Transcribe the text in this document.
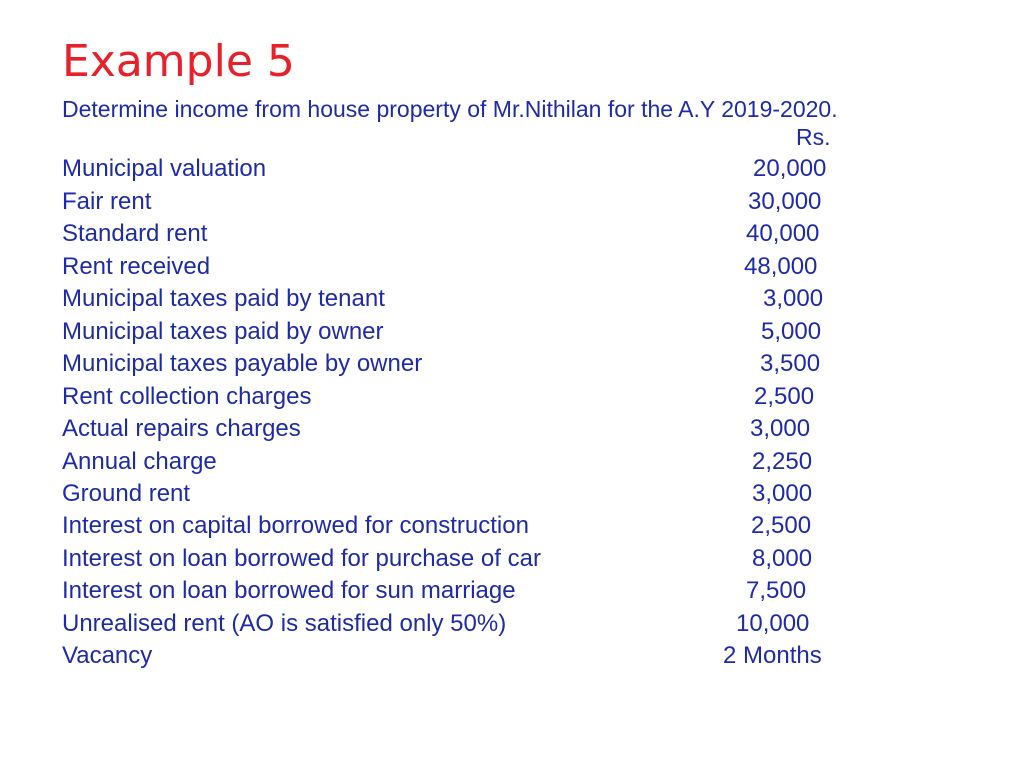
Example 5
Determine income from house property of Mr.Nithilan for the A.Y 2019-2020.
Rs.
Municipal valuation	20,000
Fair rent	30,000
Standard rent	40,000
Rent received	48,000
Municipal taxes paid by tenant	3,000
Municipal taxes paid by owner	5,000
Municipal taxes payable by owner	3,500
Rent collection charges	2,500
Actual repairs charges	3,000
Annual charge	2,250
Ground rent	3,000
Interest on capital borrowed for construction	2,500
Interest on loan borrowed for purchase of car	8,000
Interest on loan borrowed for sun marriage	7,500
Unrealised rent (AO is satisfied only 50%)	10,000
Vacancy	2 Months
